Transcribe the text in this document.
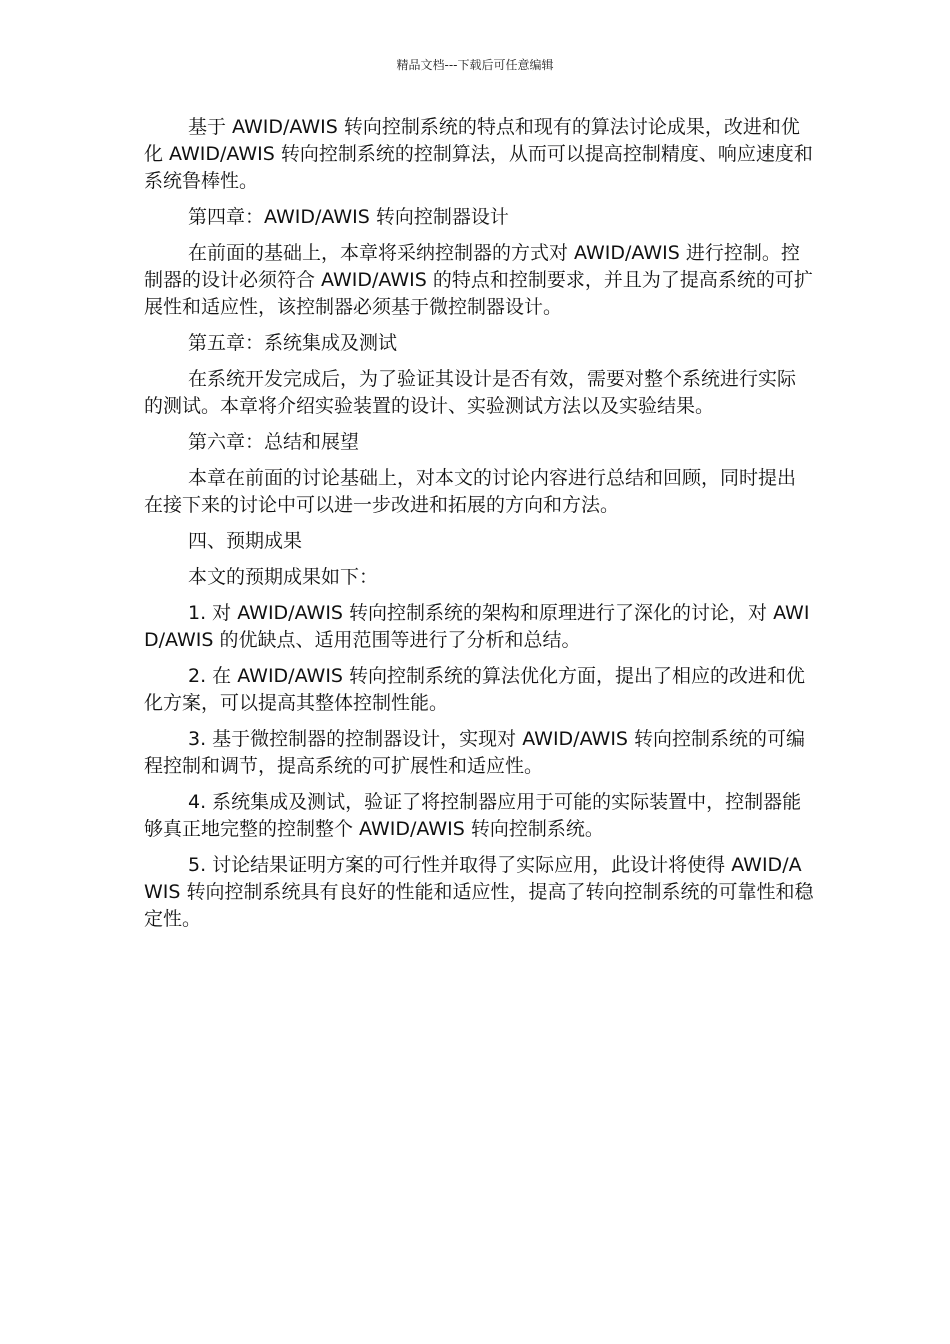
精品文档---下载后可任意编辑

基于 AWID/AWIS 转向控制系统的特点和现有的算法讨论成果，改进和优化 AWID/AWIS 转向控制系统的控制算法，从而可以提高控制精度、响应速度和系统鲁棒性。

第四章：AWID/AWIS 转向控制器设计

在前面的基础上，本章将采纳控制器的方式对 AWID/AWIS 进行控制。控制器的设计必须符合 AWID/AWIS 的特点和控制要求，并且为了提高系统的可扩展性和适应性，该控制器必须基于微控制器设计。

第五章：系统集成及测试

在系统开发完成后，为了验证其设计是否有效，需要对整个系统进行实际的测试。本章将介绍实验装置的设计、实验测试方法以及实验结果。

第六章：总结和展望

本章在前面的讨论基础上，对本文的讨论内容进行总结和回顾，同时提出在接下来的讨论中可以进一步改进和拓展的方向和方法。

四、预期成果

本文的预期成果如下：

1. 对 AWID/AWIS 转向控制系统的架构和原理进行了深化的讨论，对 AWID/AWIS 的优缺点、适用范围等进行了分析和总结。

2. 在 AWID/AWIS 转向控制系统的算法优化方面，提出了相应的改进和优化方案，可以提高其整体控制性能。

3. 基于微控制器的控制器设计，实现对 AWID/AWIS 转向控制系统的可编程控制和调节，提高系统的可扩展性和适应性。

4. 系统集成及测试，验证了将控制器应用于可能的实际装置中，控制器能够真正地完整的控制整个 AWID/AWIS 转向控制系统。

5. 讨论结果证明方案的可行性并取得了实际应用，此设计将使得 AWID/AWIS 转向控制系统具有良好的性能和适应性，提高了转向控制系统的可靠性和稳定性。
